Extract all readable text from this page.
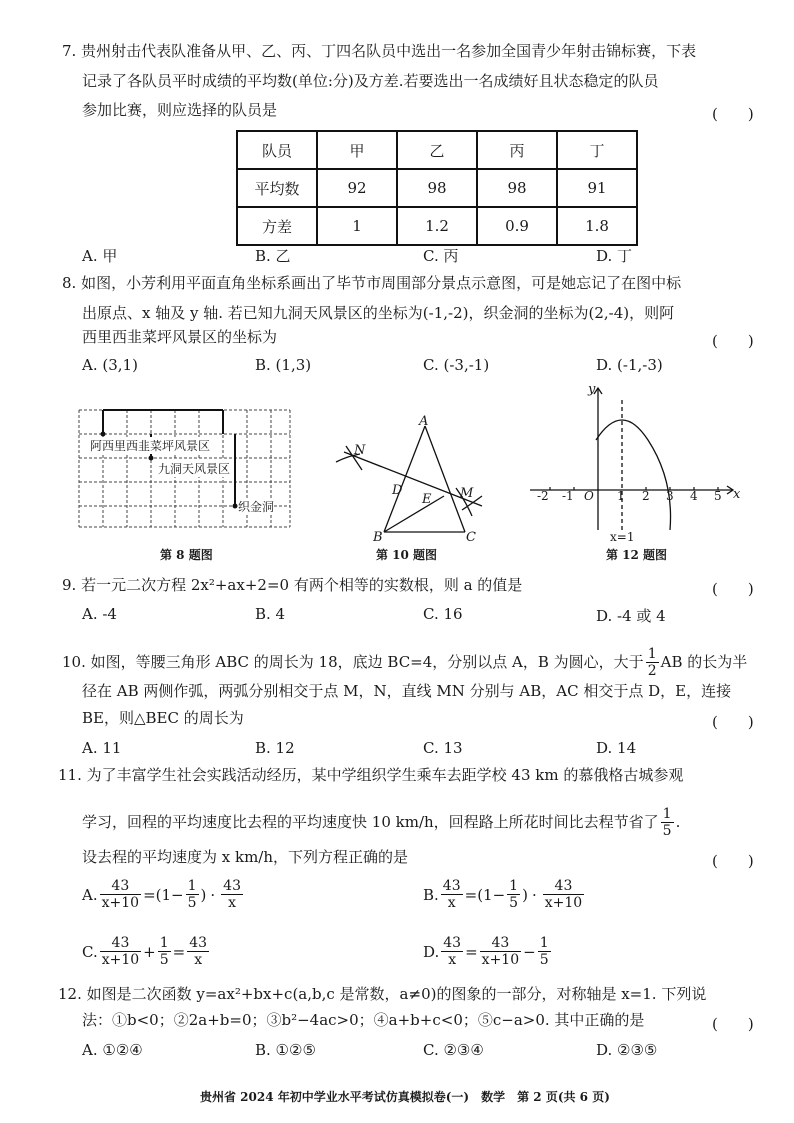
7. 贵州射击代表队准备从甲、乙、丙、丁四名队员中选出一名参加全国青少年射击锦标赛，下表
记录了各队员平时成绩的平均数(单位:分)及方差.若要选出一名成绩好且状态稳定的队员
参加比赛，则应选择的队员是	(　　)
队员	甲	乙	丙	丁
平均数	92	98	98	91
方差	1	1.2	0.9	1.8
A. 甲	B. 乙	C. 丙	D. 丁
8. 如图，小芳利用平面直角坐标系画出了毕节市周围部分景点示意图，可是她忘记了在图中标
出原点、x 轴及 y 轴. 若已知九洞天风景区的坐标为(-1,-2)，织金洞的坐标为(2,-4)，则阿
西里西韭菜坪风景区的坐标为	(　　)
A. (3,1)	B. (1,3)	C. (-3,-1)	D. (-1,-3)
阿西里西韭菜坪风景区
九洞天风景区
织金洞
第 8 题图
A
B	C
D
E M
N
第 10 题图
y
x
-2 -1 O 1 2 3 4 5
x=1
第 12 题图
9. 若一元二次方程 2x²+ax+2=0 有两个相等的实数根，则 a 的值是	(　　)
A. -4	B. 4	C. 16	D. -4 或 4
10. 如图，等腰三角形 ABC 的周长为 18，底边 BC=4，分别以点 A，B 为圆心，大于 $\frac{1}{2}$ AB 的长为半
径在 AB 两侧作弧，两弧分别相交于点 M，N，直线 MN 分别与 AB，AC 相交于点 D，E，连接
BE，则△BEC 的周长为	(　　)
A. 11	B. 12	C. 13	D. 14
11. 为了丰富学生社会实践活动经历，某中学组织学生乘车去距学校 43 km 的慕俄格古城参观
学习，回程的平均速度比去程的平均速度快 10 km/h，回程路上所花时间比去程节省了 $\frac{1}{5}$ .
设去程的平均速度为 x km/h，下列方程正确的是	(　　)
A. $\frac{43}{x+10} = (1- \frac{1}{5}$ ) · $\frac{43}{x}$	B. $\frac{43}{x} = (1- \frac{1}{5}$ ) · $\frac{43}{x+10}$
C. $\frac{43}{x+10} + \frac{1}{5} = \frac{43}{x}$	D. $\frac{43}{x} = \frac{43}{x+10} - \frac{1}{5}$
12. 如图是二次函数 y=ax²+bx+c(a,b,c 是常数，a≠0)的图象的一部分，对称轴是 x=1. 下列说
法：①b<0；②2a+b=0；③b²−4ac>0；④a+b+c<0；⑤c−a>0. 其中正确的是	(　　)
A. ①②④	B. ①②⑤	C. ②③④	D. ②③⑤
贵州省 2024 年初中学业水平考试仿真模拟卷(一)　数学　第 2 页(共 6 页)
